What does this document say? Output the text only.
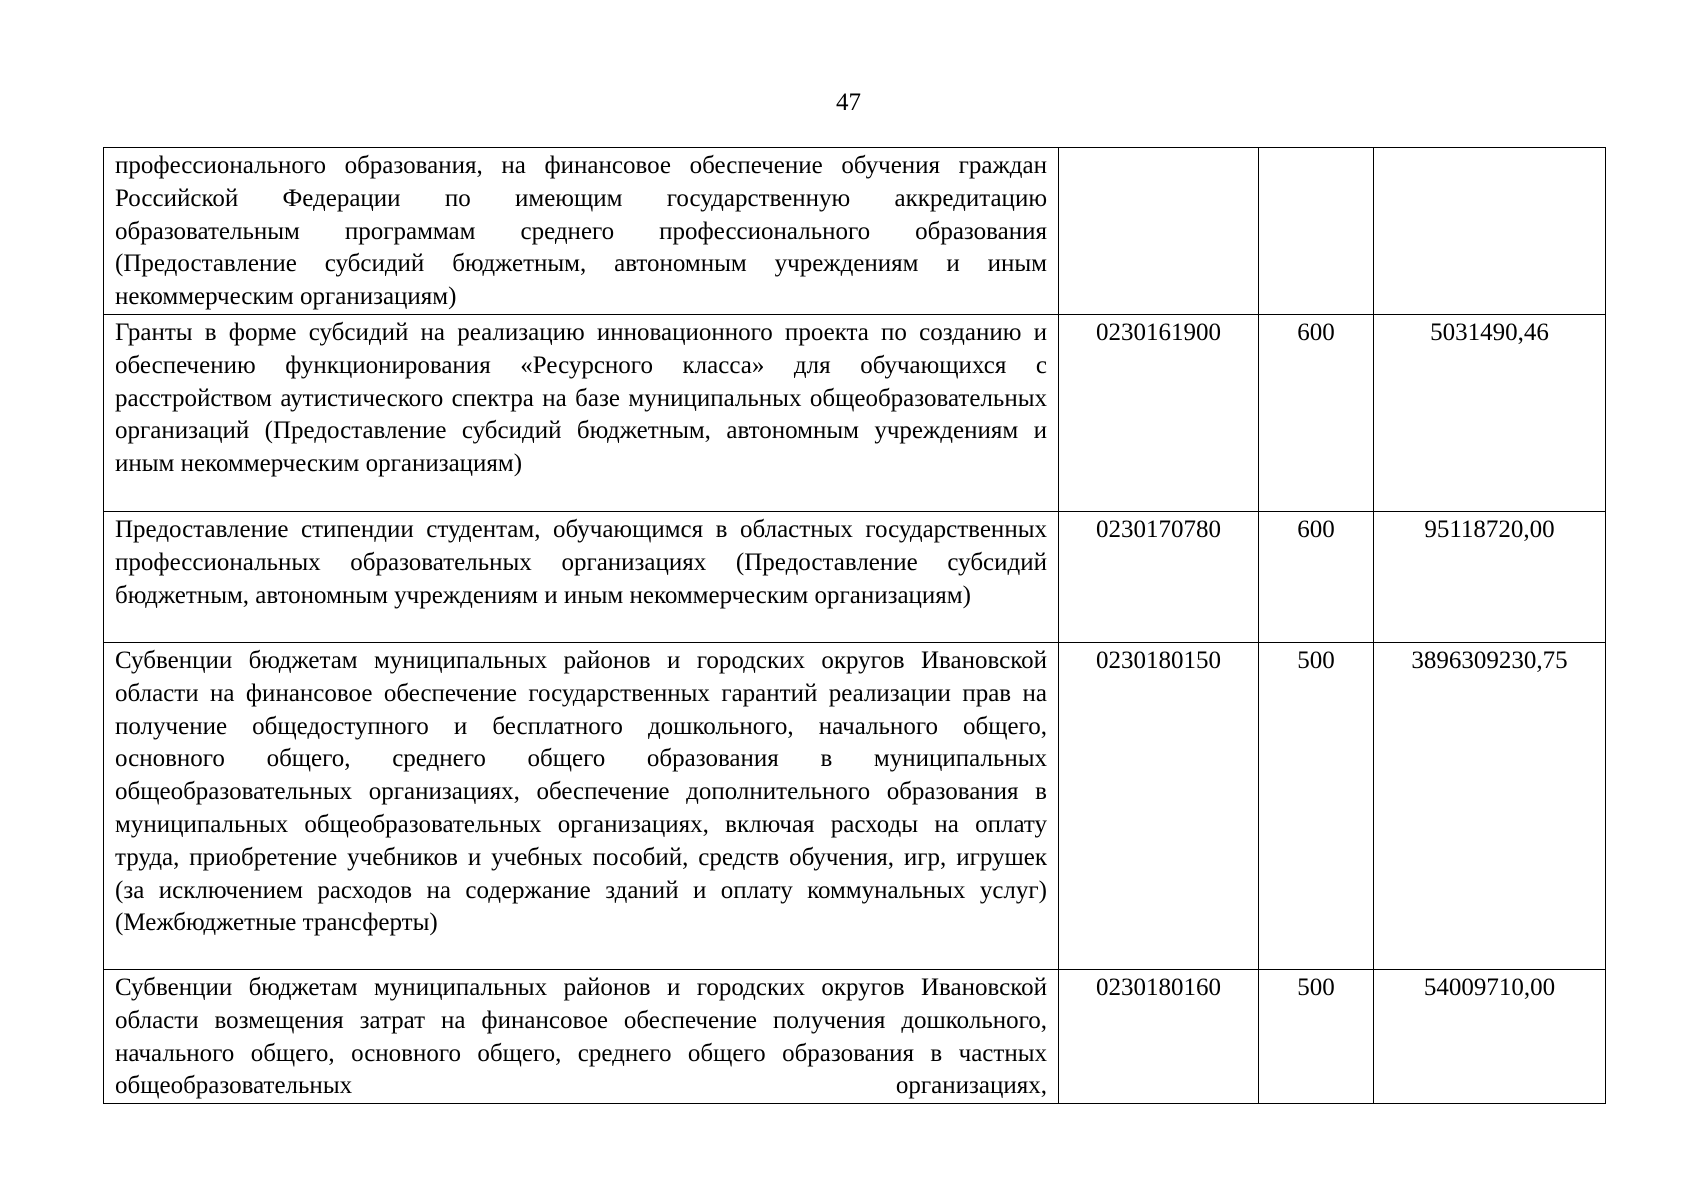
47
профессионального образования, на финансовое обеспечение обучения граждан Российской Федерации по имеющим государственную аккредитацию образовательным программам среднего профессионального образования (Предоставление субсидий бюджетным, автономным учреждениям и иным некоммерческим организациям)			
Гранты в форме субсидий на реализацию инновационного проекта по созданию и обеспечению функционирования «Ресурсного класса» для обучающихся с расстройством аутистического спектра на базе муниципальных общеобразовательных организаций (Предоставление субсидий бюджетным, автономным учреждениям и иным некоммерческим организациям)	0230161900	600	5031490,46
Предоставление стипендии студентам, обучающимся в областных государственных профессиональных образовательных организациях (Предоставление субсидий бюджетным, автономным учреждениям и иным некоммерческим организациям)	0230170780	600	95118720,00
Субвенции бюджетам муниципальных районов и городских округов Ивановской области на финансовое обеспечение государственных гарантий реализации прав на получение общедоступного и бесплатного дошкольного, начального общего, основного общего, среднего общего образования в муниципальных общеобразовательных организациях, обеспечение дополнительного образования в муниципальных общеобразовательных организациях, включая расходы на оплату труда, приобретение учебников и учебных пособий, средств обучения, игр, игрушек (за исключением расходов на содержание зданий и оплату коммунальных услуг) (Межбюджетные трансферты)	0230180150	500	3896309230,75
Субвенции бюджетам муниципальных районов и городских округов Ивановской области возмещения затрат на финансовое обеспечение получения дошкольного, начального общего, основного общего, среднего общего образования в частных общеобразовательных организациях,	0230180160	500	54009710,00
